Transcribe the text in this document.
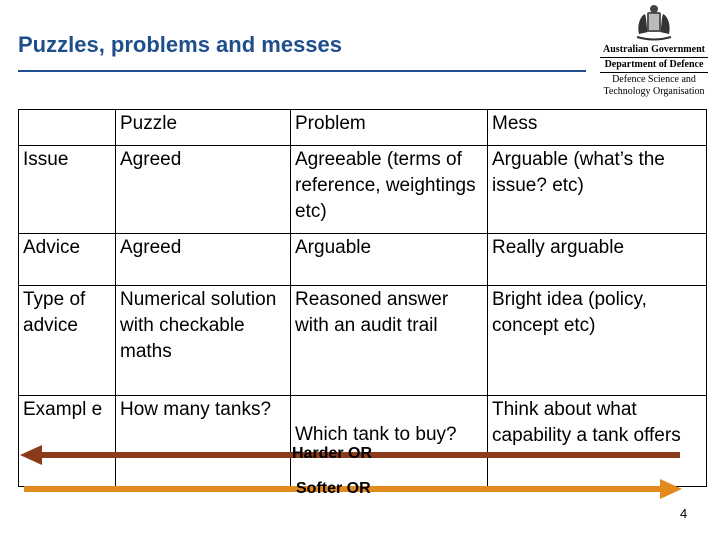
Puzzles, problems and messes	Australian Government
Department of Defence
Defence Science and
Technology Organisation
	Puzzle	Problem	Mess
Issue	Agreed	Agreeable (terms of reference, weightings etc)	Arguable (what’s the issue? etc)
Advice	Agreed	Arguable	Really arguable
Type of advice	Numerical solution with checkable maths	Reasoned answer with an audit trail	Bright idea (policy, concept etc)
Exampl e	How many tanks?	Which tank to buy?	Think about what capability a tank offers
Harder OR
Softer OR
4
